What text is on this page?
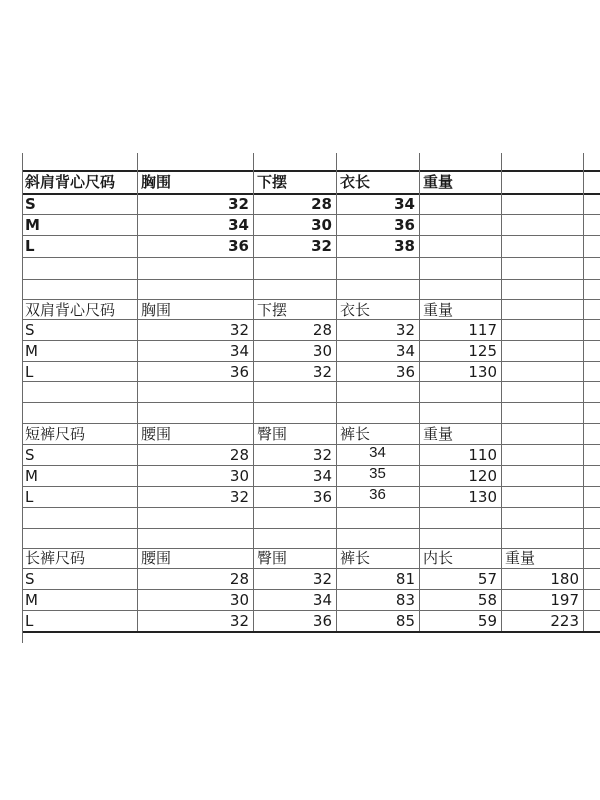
斜肩背心尺码	胸围	下摆	衣长	重量
S	32	28	34
M	34	30	36
L	36	32	38
双肩背心尺码	胸围	下摆	衣长	重量
S	32	28	32	117
M	34	30	34	125
L	36	32	36	130
短裤尺码	腰围	臀围	裤长	重量
S	28	32	34	110
M	30	34	35	120
L	32	36	36	130
长裤尺码	腰围	臀围	裤长	内长	重量
S	28	32	81	57	180
M	30	34	83	58	197
L	32	36	85	59	223
